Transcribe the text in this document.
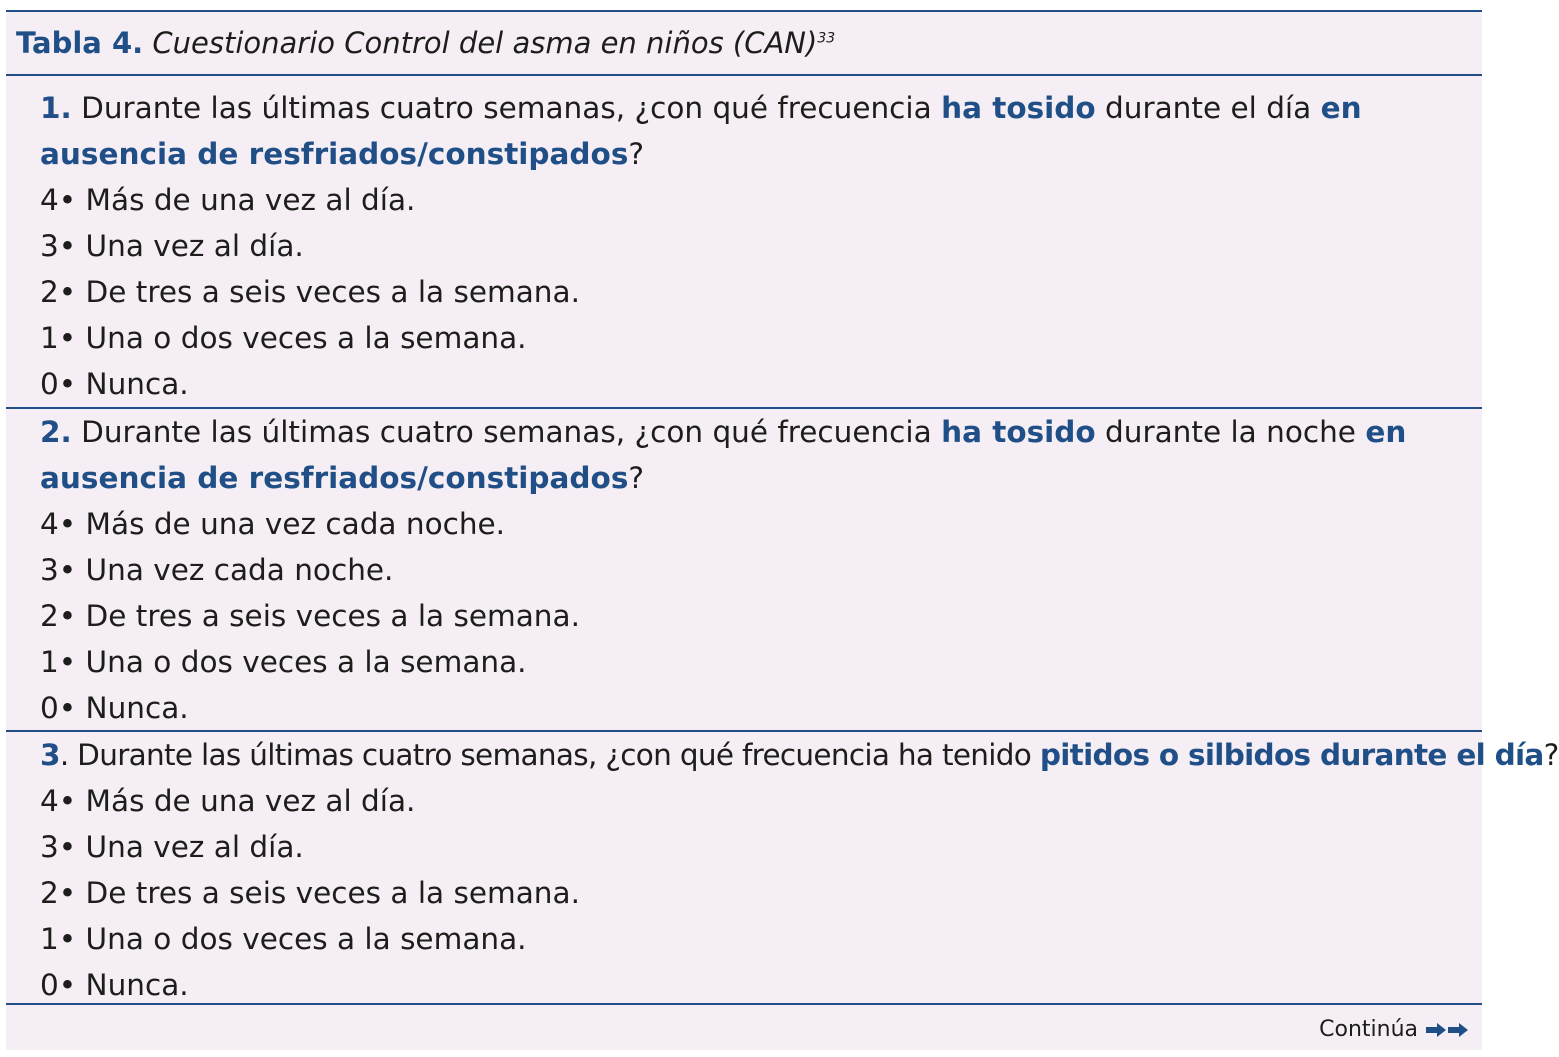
Tabla 4. Cuestionario Control del asma en niños (CAN)$^{33}$

1. Durante las últimas cuatro semanas, ¿con qué frecuencia ha tosido durante el día en ausencia de resfriados/constipados?

4• Más de una vez al día.

3• Una vez al día.

2• De tres a seis veces a la semana.

1• Una o dos veces a la semana.

0• Nunca.

2. Durante las últimas cuatro semanas, ¿con qué frecuencia ha tosido durante la noche en ausencia de resfriados/constipados?

4• Más de una vez cada noche.

3• Una vez cada noche.

2• De tres a seis veces a la semana.

1• Una o dos veces a la semana.

0• Nunca.

3. Durante las últimas cuatro semanas, ¿con qué frecuencia ha tenido pitidos o silbidos durante el día?

4• Más de una vez al día.

3• Una vez al día.

2• De tres a seis veces a la semana.

1• Una o dos veces a la semana.

0• Nunca.

Continúa
